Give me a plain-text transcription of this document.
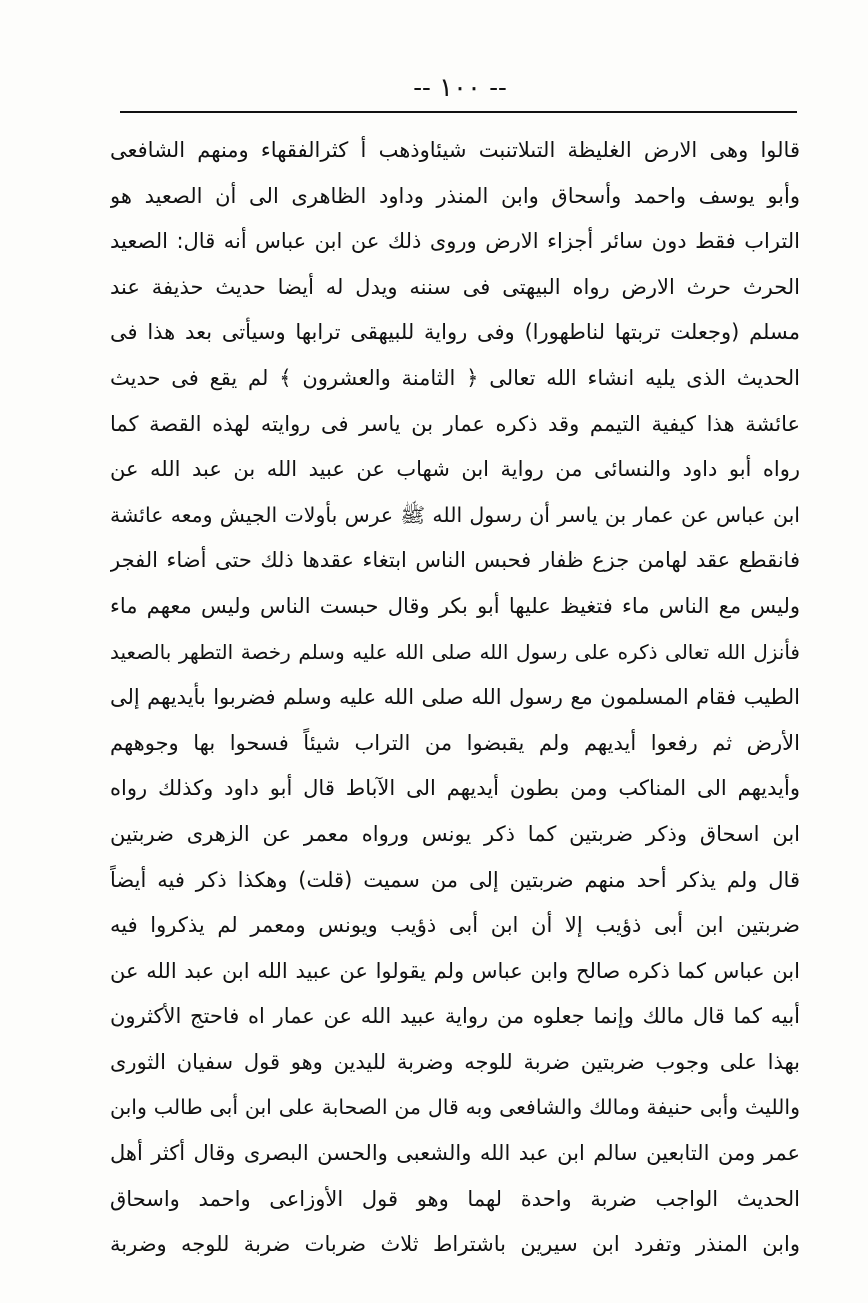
-- ١٠٠ --
قالوا وهى الارض الغليظة التىلاتنبت شيئاوذهب أ كثرالفقهاء ومنهم الشافعى
وأبو يوسف واحمد وأسحاق وابن المنذر وداود الظاهرى الى أن الصعيد هو
التراب فقط دون سائر أجزاء الارض وروى ذلك عن ابن عباس أنه قال: الصعيد
الحرث حرث الارض رواه البيهتى فى سننه ويدل له أيضا حديث حذيفة عند
مسلم (وجعلت تربتها لناطهورا) وفى رواية للبيهقى ترابها وسيأتى بعد هذا فى
الحديث الذى يليه انشاء الله تعالى ﴿ الثامنة والعشرون ﴾ لم يقع فى حديث
عائشة هذا كيفية التيمم وقد ذكره عمار بن ياسر فى روايته لهذه القصة كما
رواه أبو داود والنسائى من رواية ابن شهاب عن عبيد الله بن عبد الله عن
ابن عباس عن عمار بن ياسر أن رسول الله ﷺ عرس بأولات الجيش ومعه عائشة
فانقطع عقد لهامن جزع ظفار فحبس الناس ابتغاء عقدها ذلك حتى أضاء الفجر
وليس مع الناس ماء فتغيظ عليها أبو بكر وقال حبست الناس وليس معهم ماء
فأنزل الله تعالى ذكره على رسول الله صلى الله عليه وسلم رخصة التطهر بالصعيد
الطيب فقام المسلمون مع رسول الله صلى الله عليه وسلم فضربوا بأيديهم إلى
الأرض ثم رفعوا أيديهم ولم يقبضوا من التراب شيئاً فسحوا بها وجوههم
وأيديهم الى المناكب ومن بطون أيديهم الى الآباط قال أبو داود وكذلك رواه
ابن اسحاق وذكر ضربتين كما ذكر يونس ورواه معمر عن الزهرى ضربتين
قال ولم يذكر أحد منهم ضربتين إلى من سميت (قلت) وهكذا ذكر فيه أيضاً
ضربتين ابن أبى ذؤيب إلا أن ابن أبى ذؤيب ويونس ومعمر لم يذكروا فيه
ابن عباس كما ذكره صالح وابن عباس ولم يقولوا عن عبيد الله ابن عبد الله عن
أبيه كما قال مالك وإنما جعلوه من رواية عبيد الله عن عمار اه فاحتج الأكثرون
بهذا على وجوب ضربتين ضربة للوجه وضربة لليدين وهو قول سفيان الثورى
والليث وأبى حنيفة ومالك والشافعى وبه قال من الصحابة على ابن أبى طالب وابن
عمر ومن التابعين سالم ابن عبد الله والشعبى والحسن البصرى وقال أكثر أهل
الحديث الواجب ضربة واحدة لهما وهو قول الأوزاعى واحمد واسحاق
وابن المنذر وتفرد ابن سيرين باشتراط ثلاث ضربات ضربة للوجه وضربة
